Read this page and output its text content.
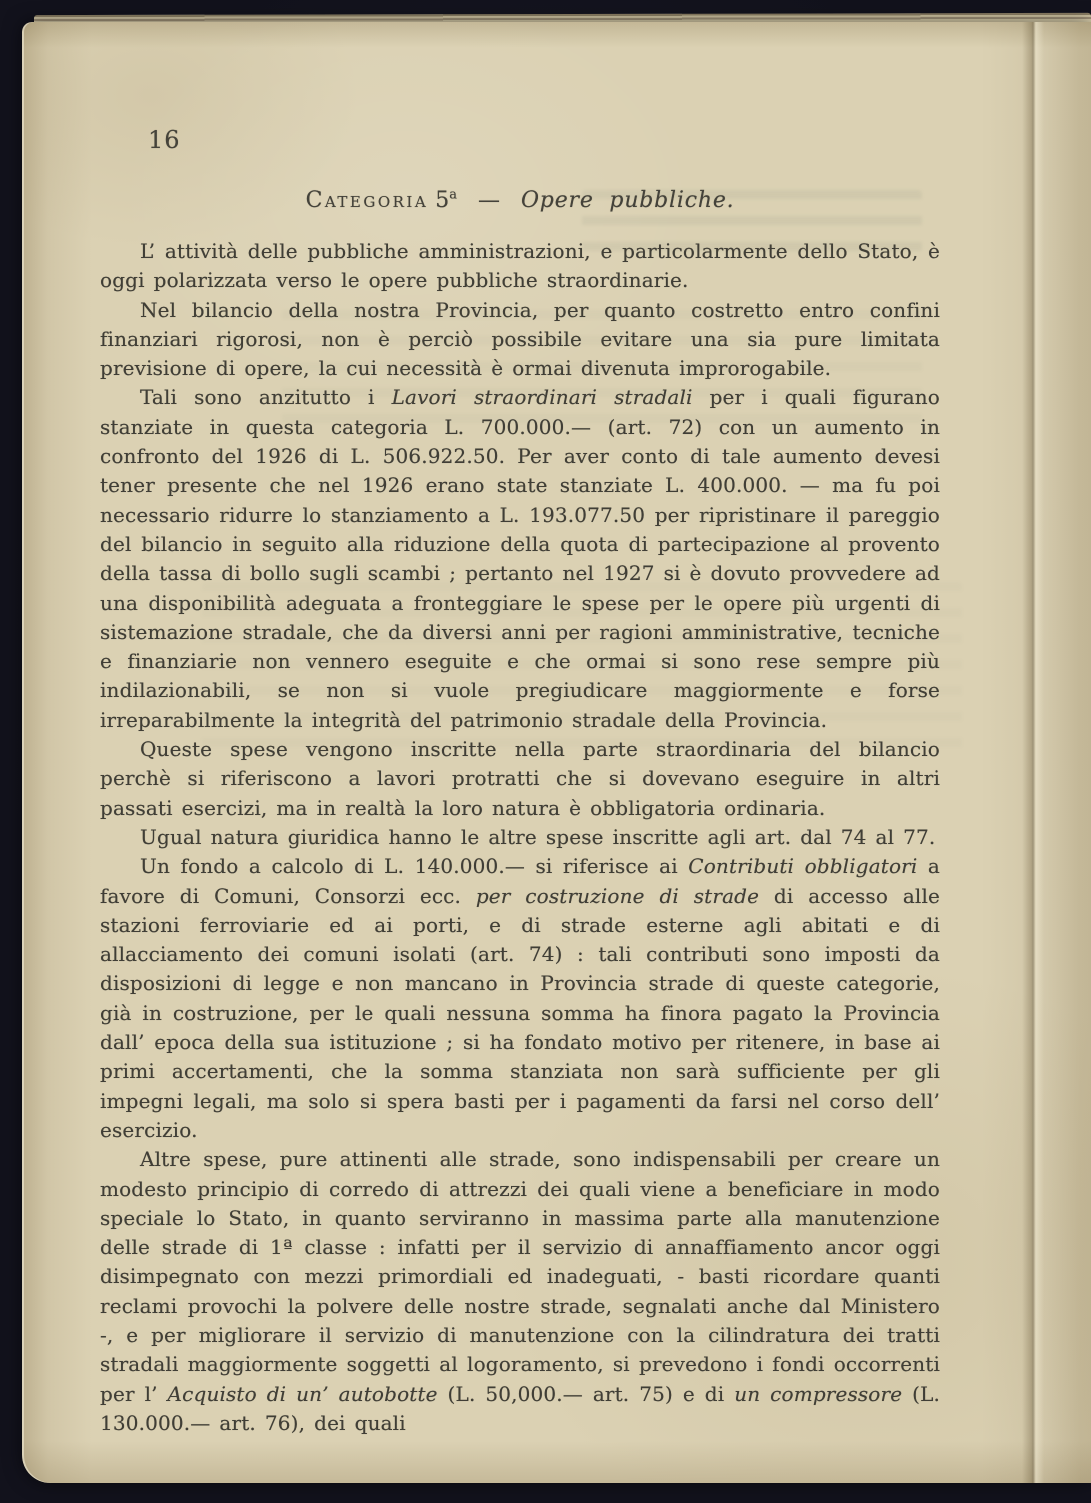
16
Categoria 5$^a$ — Opere pubbliche.

L’ attività delle pubbliche amministrazioni, e particolarmente dello Stato, è oggi polarizzata verso le opere pubbliche straordinarie.

Nel bilancio della nostra Provincia, per quanto costretto entro confini finanziari rigorosi, non è perciò possibile evitare una sia pure limitata previsione di opere, la cui necessità è ormai divenuta improrogabile.

Tali sono anzitutto i Lavori straordinari stradali per i quali figurano stanziate in questa categoria L. 700.000.— (art. 72) con un aumento in confronto del 1926 di L. 506.922.50. Per aver conto di tale aumento devesi tener presente che nel 1926 erano state stanziate L. 400.000. — ma fu poi necessario ridurre lo stanziamento a L. 193.077.50 per ripristinare il pareggio del bilancio in seguito alla riduzione della quota di partecipazione al provento della tassa di bollo sugli scambi ; pertanto nel 1927 si è dovuto provvedere ad una disponibilità adeguata a fronteggiare le spese per le opere più urgenti di sistemazione stradale, che da diversi anni per ragioni amministrative, tecniche e finanziarie non vennero eseguite e che ormai si sono rese sempre più indilazionabili, se non si vuole pregiudicare maggiormente e forse irreparabilmente la integrità del patrimonio stradale della Provincia.

Queste spese vengono inscritte nella parte straordinaria del bilancio perchè si riferiscono a lavori protratti che si dovevano eseguire in altri passati esercizi, ma in realtà la loro natura è obbligatoria ordinaria.

Ugual natura giuridica hanno le altre spese inscritte agli art. dal 74 al 77.

Un fondo a calcolo di L. 140.000.— si riferisce ai Contributi obbligatori a favore di Comuni, Consorzi ecc. per costruzione di strade di accesso alle stazioni ferroviarie ed ai porti, e di strade esterne agli abitati e di allacciamento dei comuni isolati (art. 74) : tali contributi sono imposti da disposizioni di legge e non mancano in Provincia strade di queste categorie, già in costruzione, per le quali nessuna somma ha finora pagato la Provincia dall’ epoca della sua istituzione ; si ha fondato motivo per ritenere, in base ai primi accertamenti, che la somma stanziata non sarà sufficiente per gli impegni legali, ma solo si spera basti per i pagamenti da farsi nel corso dell’ esercizio.

Altre spese, pure attinenti alle strade, sono indispensabili per creare un modesto principio di corredo di attrezzi dei quali viene a beneficiare in modo speciale lo Stato, in quanto serviranno in massima parte alla manutenzione delle strade di 1ª classe : infatti per il servizio di annaffiamento ancor oggi disimpegnato con mezzi primordiali ed inadeguati, - basti ricordare quanti reclami provochi la polvere delle nostre strade, segnalati anche dal Ministero -, e per migliorare il servizio di manutenzione con la cilindratura dei tratti stradali maggiormente soggetti al logoramento, si prevedono i fondi occorrenti per l’ Acquisto di un’ autobotte (L. 50,000.— art. 75) e di un compressore (L. 130.000.— art. 76), dei quali
